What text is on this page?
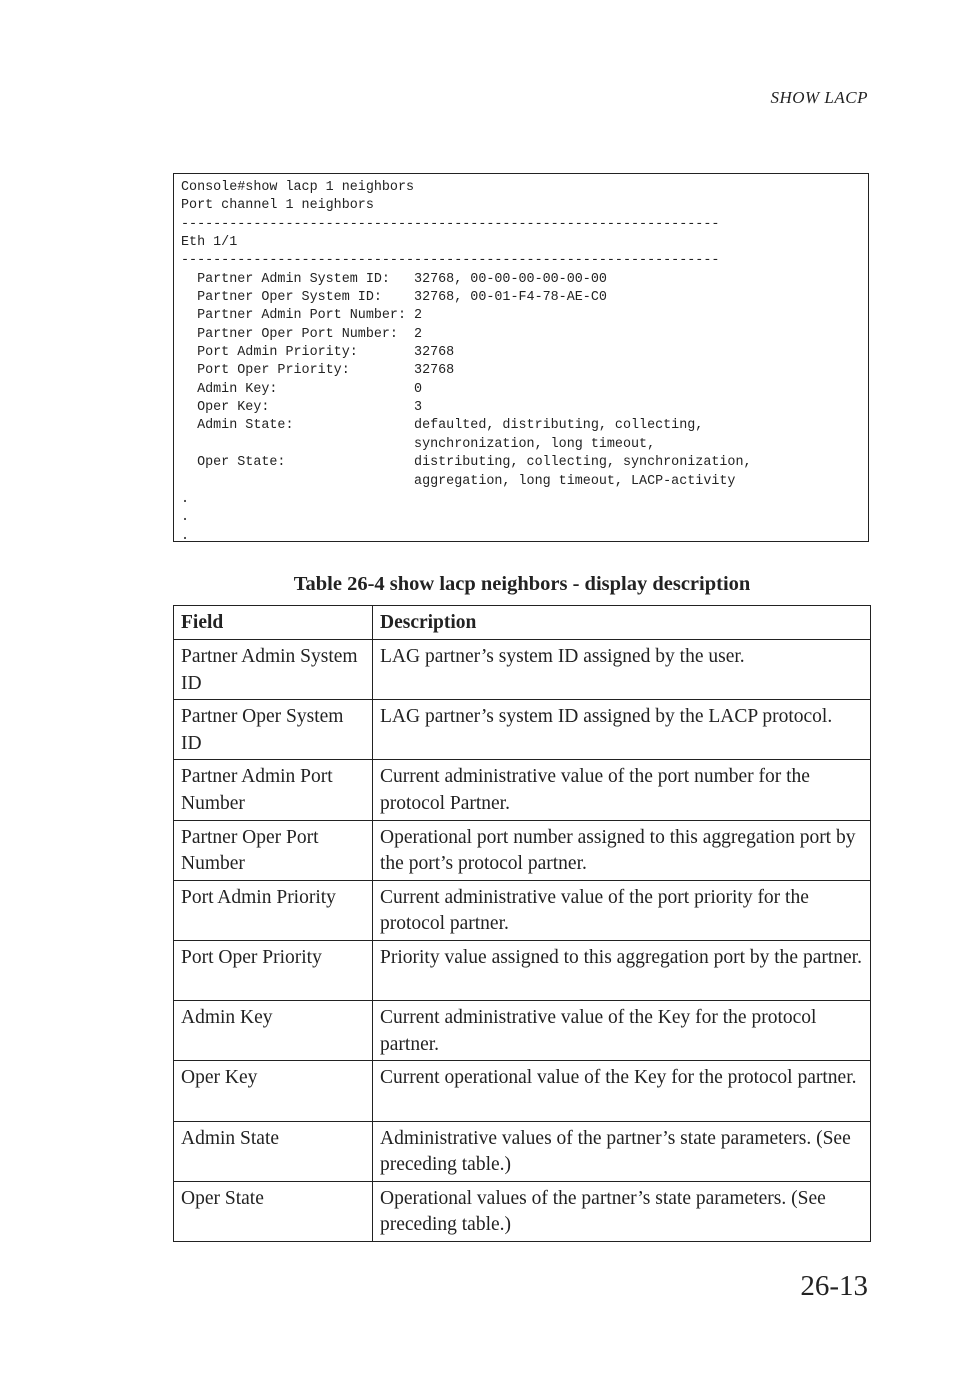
SHOW LACP
Console#show lacp 1 neighbors
Port channel 1 neighbors
-------------------------------------------------------------------
Eth 1/1
-------------------------------------------------------------------
Partner Admin System ID:   32768, 00-00-00-00-00-00
Partner Oper System ID:    32768, 00-01-F4-78-AE-C0
Partner Admin Port Number: 2
Partner Oper Port Number:  2
Port Admin Priority:       32768
Port Oper Priority:        32768
Admin Key:                 0
Oper Key:                  3
Admin State:               defaulted, distributing, collecting,
synchronization, long timeout,
Oper State:                distributing, collecting, synchronization,
aggregation, long timeout, LACP-activity
.
.
.

Table 26-4 show lacp neighbors - display description
Field	Description
Partner Admin System ID	LAG partner’s system ID assigned by the user.
Partner Oper System ID	LAG partner’s system ID assigned by the LACP protocol.
Partner Admin Port Number	Current administrative value of the port number for the protocol Partner.
Partner Oper Port Number	Operational port number assigned to this aggregation port by the port’s protocol partner.
Port Admin Priority	Current administrative value of the port priority for the protocol partner.
Port Oper Priority	Priority value assigned to this aggregation port by the partner.
Admin Key	Current administrative value of the Key for the protocol partner.
Oper Key	Current operational value of the Key for the protocol partner.
Admin State	Administrative values of the partner’s state parameters. (See preceding table.)
Oper State	Operational values of the partner’s state parameters. (See preceding table.)
26-13
